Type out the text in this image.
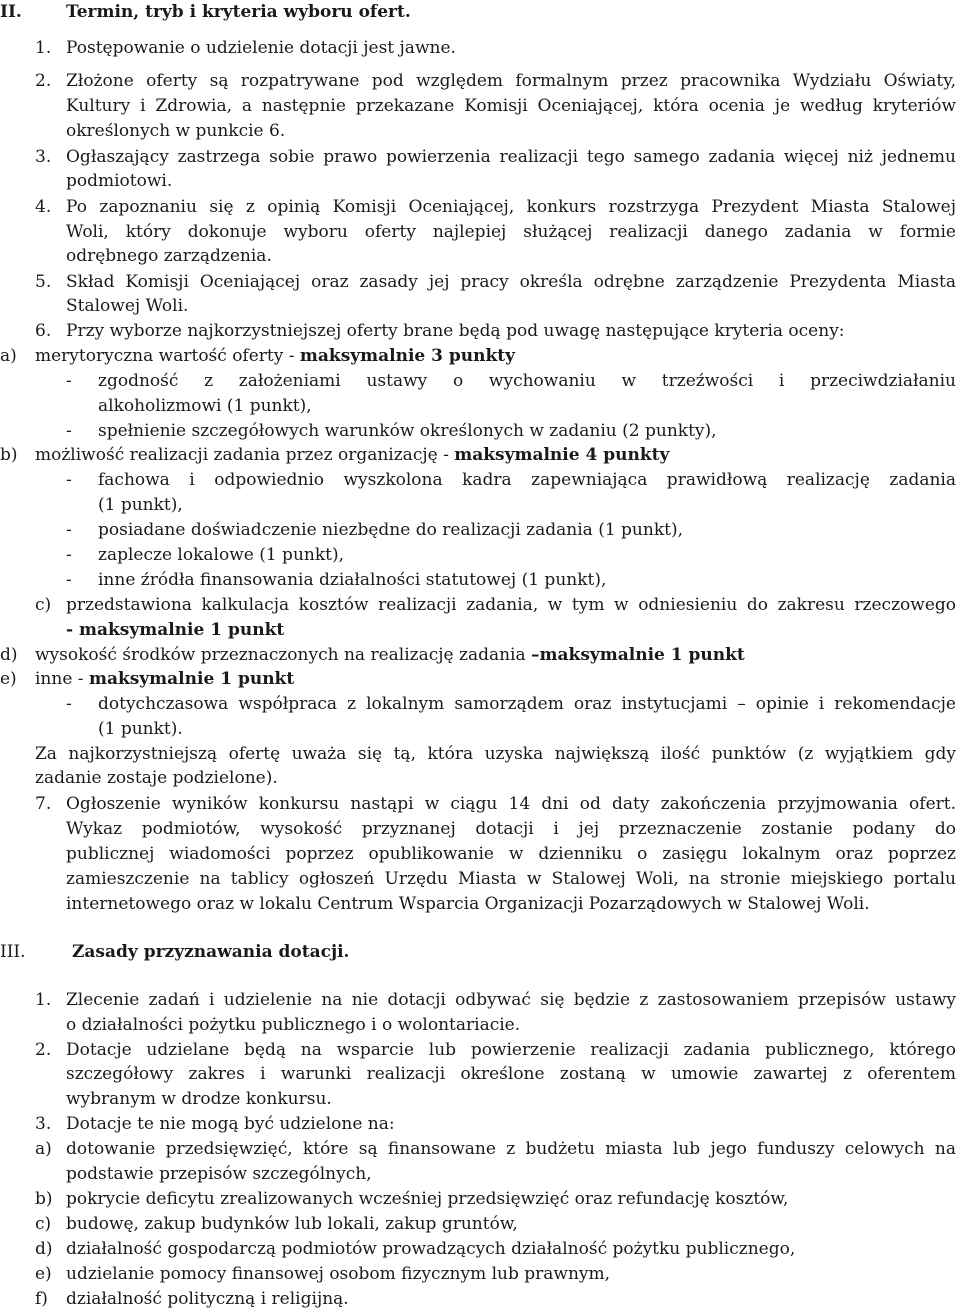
II.	Termin, tryb i kryteria wyboru ofert.
1. Postępowanie o udzielenie dotacji jest jawne.
2. Złożone oferty są rozpatrywane pod względem formalnym przez pracownika Wydziału Oświaty,
Kultury i Zdrowia, a następnie przekazane Komisji Oceniającej, która ocenia je według kryteriów
określonych w punkcie 6.
3. Ogłaszający zastrzega sobie prawo powierzenia realizacji tego samego zadania więcej niż jednemu
podmiotowi.
4. Po zapoznaniu się z opinią Komisji Oceniającej, konkurs rozstrzyga Prezydent Miasta Stalowej
Woli, który dokonuje wyboru oferty najlepiej służącej realizacji danego zadania w formie
odrębnego zarządzenia.
5. Skład Komisji Oceniającej oraz zasady jej pracy określa odrębne zarządzenie Prezydenta Miasta
Stalowej Woli.
6. Przy wyborze najkorzystniejszej oferty brane będą pod uwagę następujące kryteria oceny:
a) merytoryczna wartość oferty - maksymalnie 3 punkty
- zgodność z założeniami ustawy o wychowaniu w trzeźwości i przeciwdziałaniu
alkoholizmowi (1 punkt),
- spełnienie szczegółowych warunków określonych w zadaniu (2 punkty),
b) możliwość realizacji zadania przez organizację - maksymalnie 4 punkty
- fachowa i odpowiednio wyszkolona kadra zapewniająca prawidłową realizację zadania
(1 punkt),
- posiadane doświadczenie niezbędne do realizacji zadania (1 punkt),
- zaplecze lokalowe (1 punkt),
- inne źródła finansowania działalności statutowej (1 punkt),
c) przedstawiona kalkulacja kosztów realizacji zadania, w tym w odniesieniu do zakresu rzeczowego
- maksymalnie 1 punkt
d) wysokość środków przeznaczonych na realizację zadania –maksymalnie 1 punkt
e) inne - maksymalnie 1 punkt
- dotychczasowa współpraca z lokalnym samorządem oraz instytucjami – opinie i rekomendacje
(1 punkt).
Za najkorzystniejszą ofertę uważa się tą, która uzyska największą ilość punktów (z wyjątkiem gdy
zadanie zostaje podzielone).
7. Ogłoszenie wyników konkursu nastąpi w ciągu 14 dni od daty zakończenia przyjmowania ofert.
Wykaz podmiotów, wysokość przyznanej dotacji i jej przeznaczenie zostanie podany do
publicznej wiadomości poprzez opublikowanie w dzienniku o zasięgu lokalnym oraz poprzez
zamieszczenie na tablicy ogłoszeń Urzędu Miasta w Stalowej Woli, na stronie miejskiego portalu
internetowego oraz w lokalu Centrum Wsparcia Organizacji Pozarządowych w Stalowej Woli.
III.	Zasady przyznawania dotacji.
1. Zlecenie zadań i udzielenie na nie dotacji odbywać się będzie z zastosowaniem przepisów ustawy
o działalności pożytku publicznego i o wolontariacie.
2. Dotacje udzielane będą na wsparcie lub powierzenie realizacji zadania publicznego, którego
szczegółowy zakres i warunki realizacji określone zostaną w umowie zawartej z oferentem
wybranym w drodze konkursu.
3. Dotacje te nie mogą być udzielone na:
a) dotowanie przedsięwzięć, które są finansowane z budżetu miasta lub jego funduszy celowych na
podstawie przepisów szczególnych,
b) pokrycie deficytu zrealizowanych wcześniej przedsięwzięć oraz refundację kosztów,
c) budowę, zakup budynków lub lokali, zakup gruntów,
d) działalność gospodarczą podmiotów prowadzących działalność pożytku publicznego,
e) udzielanie pomocy finansowej osobom fizycznym lub prawnym,
f) działalność polityczną i religijną.
